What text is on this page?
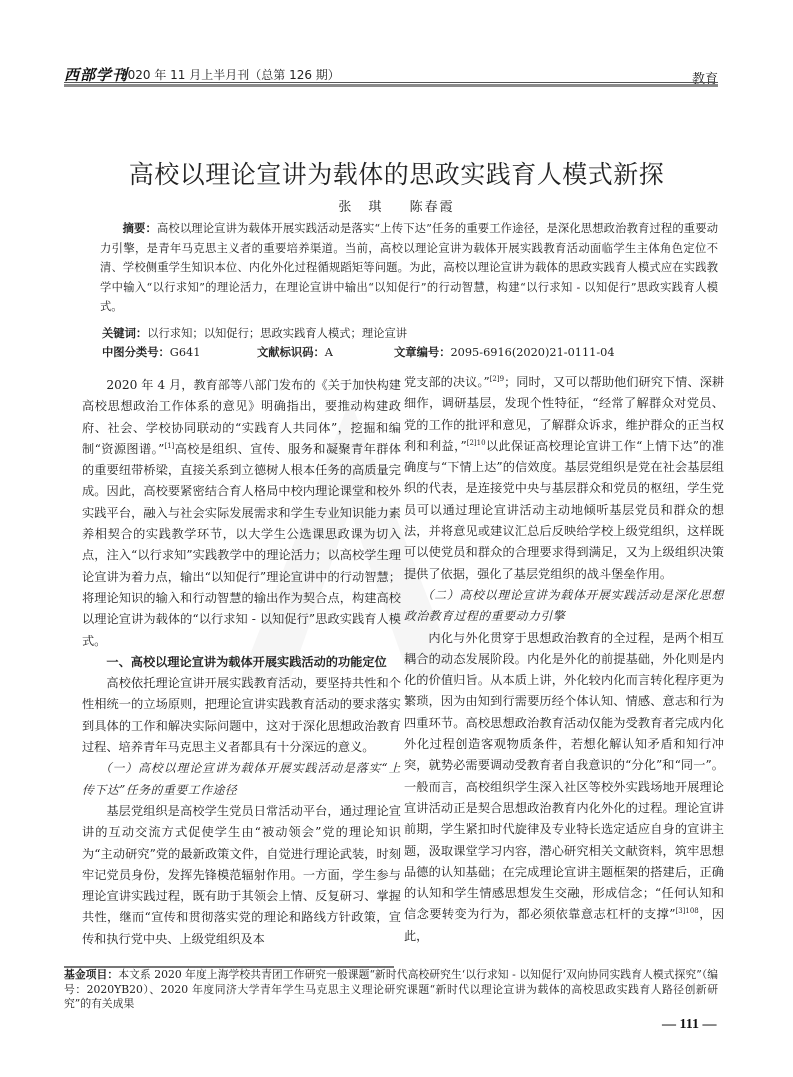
西部学刊
2020 年 11 月上半月刊（总第 126 期）	教育
高校以理论宣讲为载体的思政实践育人模式新探
张　琪 陈春霞
摘要：高校以理论宣讲为载体开展实践活动是落实“上传下达”任务的重要工作途径，是深化思想政治教育过程的重要动力引擎，是青年马克思主义者的重要培养渠道。当前，高校以理论宣讲为载体开展实践教育活动面临学生主体角色定位不清、学校侧重学生知识本位、内化外化过程循规蹈矩等问题。为此，高校以理论宣讲为载体的思政实践育人模式应在实践教学中输入“以行求知”的理论活力，在理论宣讲中输出“以知促行”的行动智慧，构建“以行求知 - 以知促行”思政实践育人模式。
关键词：以行求知；以知促行；思政实践育人模式；理论宣讲
中图分类号：G641	文献标识码：A	文章编号：2095-6916(2020)21-0111-04

2020 年 4 月，教育部等八部门发布的《关于加快构建高校思想政治工作体系的意见》明确指出，要推动构建政府、社会、学校协同联动的“实践育人共同体”，挖掘和编制“资源图谱。”[1]高校是组织、宣传、服务和凝聚青年群体的重要纽带桥梁，直接关系到立德树人根本任务的高质量完成。因此，高校要紧密结合育人格局中校内理论课堂和校外实践平台，融入与社会实际发展需求和学生专业知识能力素养相契合的实践教学环节，以大学生公选课思政课为切入点，注入“以行求知”实践教学中的理论活力；以高校学生理论宣讲为着力点，输出“以知促行”理论宣讲中的行动智慧；将理论知识的输入和行动智慧的输出作为契合点，构建高校以理论宣讲为载体的“以行求知 - 以知促行”思政实践育人模式。

一、高校以理论宣讲为载体开展实践活动的功能定位

高校依托理论宣讲开展实践教育活动，要坚持共性和个性相统一的立场原则，把理论宣讲实践教育活动的要求落实到具体的工作和解决实际问题中，这对于深化思想政治教育过程、培养青年马克思主义者都具有十分深远的意义。

（一）高校以理论宣讲为载体开展实践活动是落实“上传下达”任务的重要工作途径

基层党组织是高校学生党员日常活动平台，通过理论宣讲的互动交流方式促使学生由“被动领会”党的理论知识为“主动研究”党的最新政策文件，自觉进行理论武装，时刻牢记党员身份，发挥先锋模范辐射作用。一方面，学生参与理论宣讲实践过程，既有助于其领会上情、反复研习、掌握共性，继而“宣传和贯彻落实党的理论和路线方针政策，宣传和执行党中央、上级党组织及本

党支部的决议。”$^{[2]9}$；同时，又可以帮助他们研究下情、深耕细作，调研基层，发现个性特征，“经常了解群众对党员、党的工作的批评和意见，了解群众诉求，维护群众的正当权利和利益，”$^{[2]10}$以此保证高校理论宣讲工作“上情下达”的准确度与“下情上达”的信效度。基层党组织是党在社会基层组织的代表，是连接党中央与基层群众和党员的枢纽，学生党员可以通过理论宣讲活动主动地倾听基层党员和群众的想法，并将意见或建议汇总后反映给学校上级党组织，这样既可以使党员和群众的合理要求得到满足，又为上级组织决策提供了依据，强化了基层党组织的战斗堡垒作用。

（二）高校以理论宣讲为载体开展实践活动是深化思想政治教育过程的重要动力引擎

内化与外化贯穿于思想政治教育的全过程，是两个相互耦合的动态发展阶段。内化是外化的前提基础，外化则是内化的价值归旨。从本质上讲，外化较内化而言转化程序更为繁琐，因为由知到行需要历经个体认知、情感、意志和行为四重环节。高校思想政治教育活动仅能为受教育者完成内化外化过程创造客观物质条件，若想化解认知矛盾和知行冲突，就势必需要调动受教育者自我意识的“分化”和“同一”。一般而言，高校组织学生深入社区等校外实践场地开展理论宣讲活动正是契合思想政治教育内化外化的过程。理论宣讲前期，学生紧扣时代旋律及专业特长选定适应自身的宣讲主题，汲取课堂学习内容，潜心研究相关文献资料，筑牢思想品德的认知基础；在完成理论宣讲主题框架的搭建后，正确的认知和学生情感思想发生交融，形成信念；“任何认知和信念要转变为行为，都必须依靠意志杠杆的支撑”$^{[3]108}$，因此，

基金项目：本文系 2020 年度上海学校共青团工作研究一般课题“新时代高校研究生‘以行求知 - 以知促行’双向协同实践育人模式探究”（编号：2020YB20）、2020 年度同济大学青年学生马克思主义理论研究课题“新时代以理论宣讲为载体的高校思政实践育人路径创新研究”的有关成果
— 111 —
